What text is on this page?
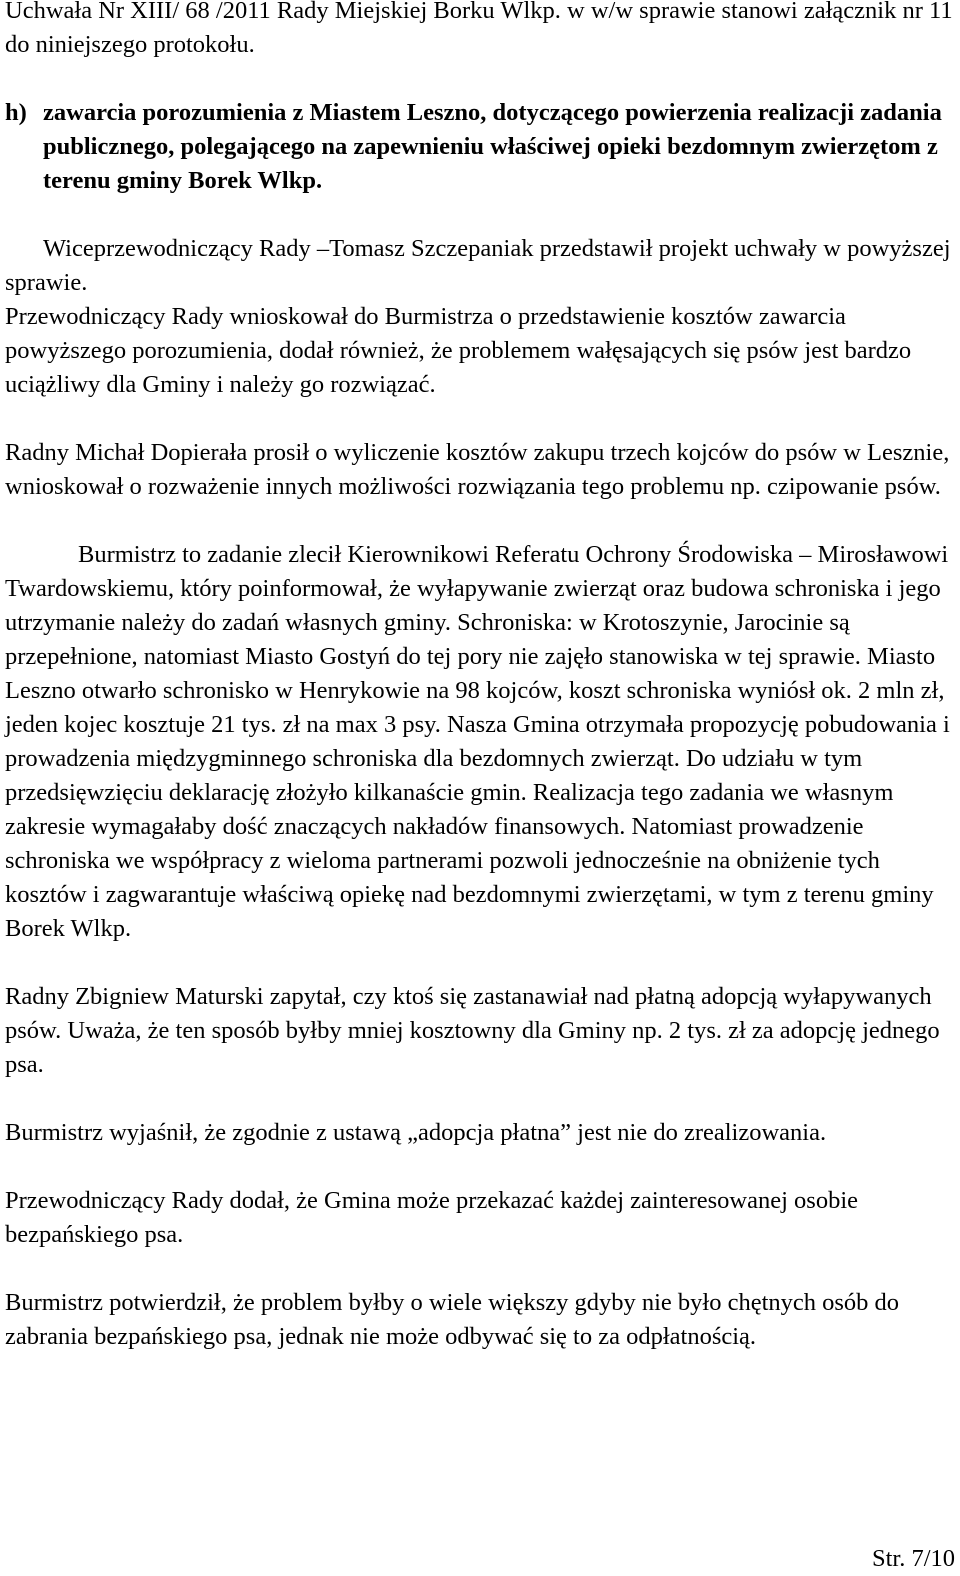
Uchwała Nr XIII/ 68 /2011 Rady Miejskiej Borku Wlkp. w w/w sprawie stanowi załącznik nr 11 do niniejszego protokołu.

h) zawarcia porozumienia z Miastem Leszno, dotyczącego powierzenia realizacji zadania publicznego, polegającego na zapewnieniu właściwej opieki bezdomnym zwierzętom z terenu gminy Borek Wlkp.

Wiceprzewodniczący Rady –Tomasz Szczepaniak przedstawił projekt uchwały w powyższej sprawie.

Przewodniczący Rady wnioskował do Burmistrza o przedstawienie kosztów zawarcia powyższego porozumienia, dodał również, że problemem wałęsających się psów jest bardzo uciążliwy dla Gminy i należy go rozwiązać.

Radny Michał Dopierała prosił o wyliczenie kosztów zakupu trzech kojców do psów w Lesznie, wnioskował o rozważenie innych możliwości rozwiązania tego problemu np. czipowanie psów.

Burmistrz to zadanie zlecił Kierownikowi Referatu Ochrony Środowiska – Mirosławowi Twardowskiemu, który poinformował, że wyłapywanie zwierząt oraz budowa schroniska i jego utrzymanie należy do zadań własnych gminy. Schroniska: w Krotoszynie, Jarocinie są przepełnione, natomiast Miasto Gostyń do tej pory nie zajęło stanowiska w tej sprawie. Miasto Leszno otwarło schronisko w Henrykowie na 98 kojców, koszt schroniska wyniósł ok. 2 mln zł, jeden kojec kosztuje 21 tys. zł na max 3 psy. Nasza Gmina otrzymała propozycję pobudowania i prowadzenia międzygminnego schroniska dla bezdomnych zwierząt. Do udziału w tym przedsięwzięciu deklarację złożyło kilkanaście gmin. Realizacja tego zadania we własnym zakresie wymagałaby dość znaczących nakładów finansowych. Natomiast prowadzenie schroniska we współpracy z wieloma partnerami pozwoli jednocześnie na obniżenie tych kosztów i zagwarantuje właściwą opiekę nad bezdomnymi zwierzętami, w tym z terenu gminy Borek Wlkp.

Radny Zbigniew Maturski zapytał, czy ktoś się zastanawiał nad płatną adopcją wyłapywanych psów. Uważa, że ten sposób byłby mniej kosztowny dla Gminy np. 2 tys. zł za adopcję jednego psa.

Burmistrz wyjaśnił, że zgodnie z ustawą „adopcja płatna” jest nie do zrealizowania.

Przewodniczący Rady dodał, że Gmina może przekazać każdej zainteresowanej osobie bezpańskiego psa.

Burmistrz potwierdził, że problem byłby o wiele większy gdyby nie było chętnych osób do zabrania bezpańskiego psa, jednak nie może odbywać się to za odpłatnością.

Str. 7/10
